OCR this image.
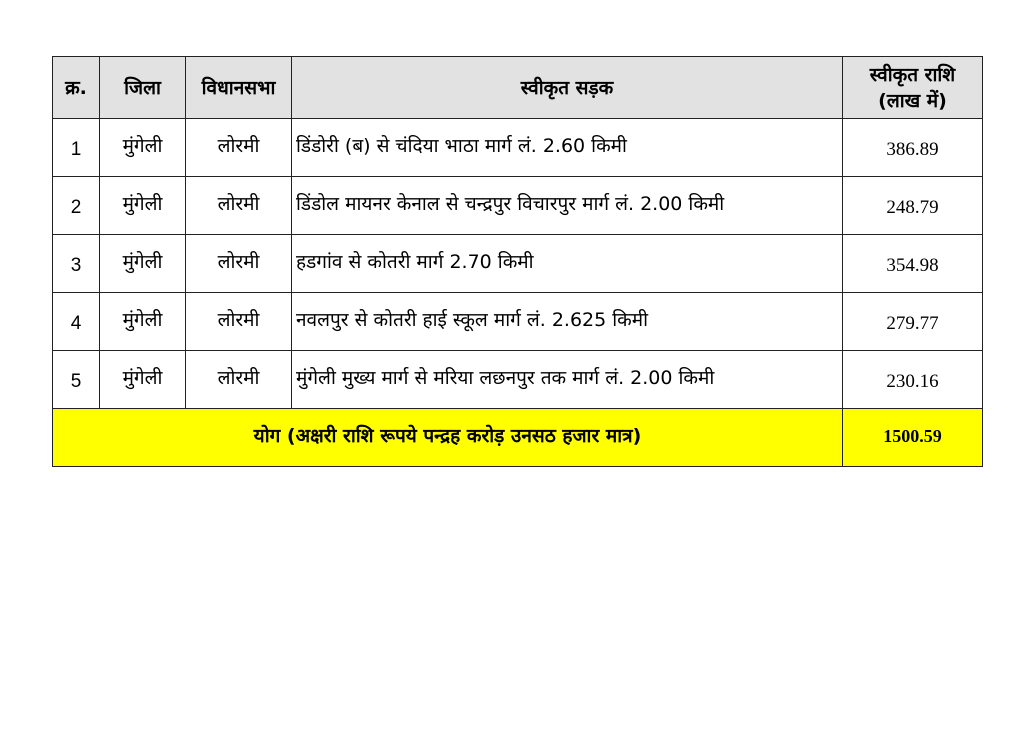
क्र.	जिला	विधानसभा	स्वीकृत सड़क	स्वीकृत राशि
(लाख में)

1	मुंगेली	लोरमी	डिंडोरी (ब) से चंदिया भाठा मार्ग लं. 2.60 किमी	386.89
2	मुंगेली	लोरमी	डिंडोल मायनर केनाल से चन्द्रपुर विचारपुर मार्ग लं. 2.00 किमी	248.79
3	मुंगेली	लोरमी	हडगांव से कोतरी मार्ग 2.70 किमी	354.98
4	मुंगेली	लोरमी	नवलपुर से कोतरी हाई स्कूल मार्ग लं. 2.625 किमी	279.77
5	मुंगेली	लोरमी	मुंगेली मुख्य मार्ग से मरिया लछनपुर तक मार्ग लं. 2.00 किमी	230.16
योग (अक्षरी राशि रूपये पन्द्रह करोड़ उनसठ हजार मात्र)				1500.59
